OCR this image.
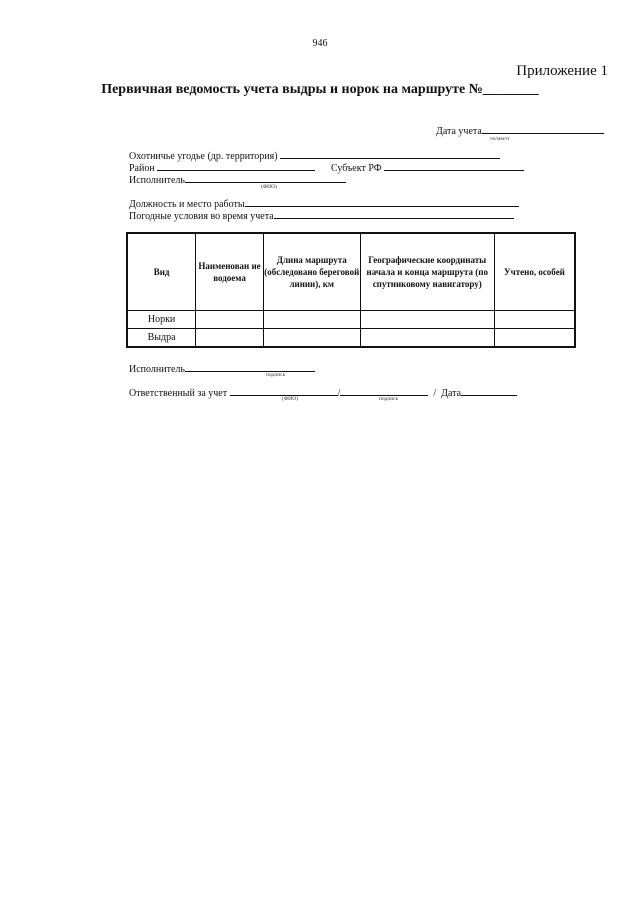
946
Приложение 1
Первичная ведомость учета выдры и норок на маршруте №________
Дата учета
чч/мм/гг
Охотничье угодье (др. территория)
Район	Субъект РФ
Исполнитель
(ФИО)
Должность и место работы
Погодные условия во время учета
Вид	Наименован ие водоема	Длина маршрута (обследовано береговой линии), км	Географические координаты начала и конца маршрута (по спутниковому навигатору)	Учтено, особей
Норки				
Выдра				
Исполнитель	подпись
Ответственный за учет	/	/ Дата
(ФИО)	подпись
